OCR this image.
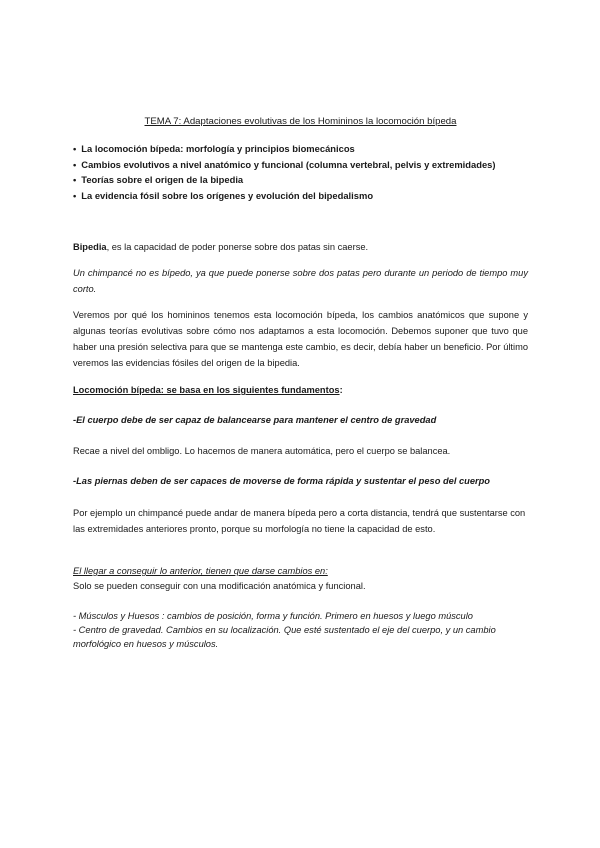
TEMA 7: Adaptaciones evolutivas de los Homininos la locomoción bípeda

• La locomoción bípeda: morfología y principios biomecánicos
• Cambios evolutivos a nivel anatómico y funcional (columna vertebral, pelvis y extremidades)
• Teorías sobre el origen de la bipedia
• La evidencia fósil sobre los orígenes y evolución del bipedalismo

Bipedia, es la capacidad de poder ponerse sobre dos patas sin caerse.

Un chimpancé no es bípedo, ya que puede ponerse sobre dos patas pero durante un periodo de tiempo muy corto.

Veremos por qué los homininos tenemos esta locomoción bípeda, los cambios anatómicos que supone y algunas teorías evolutivas sobre cómo nos adaptamos a esta locomoción. Debemos suponer que tuvo que haber una presión selectiva para que se mantenga este cambio, es decir, debía haber un beneficio. Por último veremos las evidencias fósiles del origen de la bipedia.

Locomoción bípeda: se basa en los siguientes fundamentos:

-El cuerpo debe de ser capaz de balancearse para mantener el centro de gravedad

Recae a nivel del ombligo. Lo hacemos de manera automática, pero el cuerpo se balancea.

-Las piernas deben de ser capaces de moverse de forma rápida y sustentar el peso del cuerpo

Por ejemplo un chimpancé puede andar de manera bípeda pero a corta distancia, tendrá que sustentarse con las extremidades anteriores pronto, porque su morfología no tiene la capacidad de esto.

El llegar a conseguir lo anterior, tienen que darse cambios en:

Solo se pueden conseguir con una modificación anatómica y funcional.

- Músculos y Huesos : cambios de posición, forma y función. Primero en huesos y luego músculo

- Centro de gravedad. Cambios en su localización. Que esté sustentado el eje del cuerpo, y un cambio morfológico en huesos y músculos.
